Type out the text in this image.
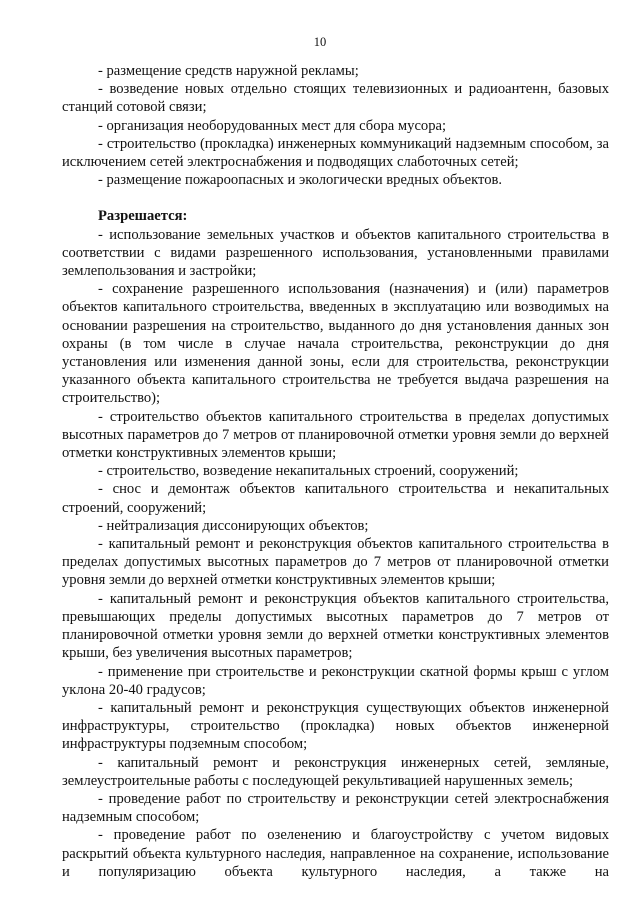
10

- размещение средств наружной рекламы;

- возведение новых отдельно стоящих телевизионных и радиоантенн, базовых станций сотовой связи;

- организация необорудованных мест для сбора мусора;

- строительство (прокладка) инженерных коммуникаций надземным способом, за исключением сетей электроснабжения и подводящих слаботочных сетей;

- размещение пожароопасных и экологически вредных объектов.

Разрешается:

- использование земельных участков и объектов капитального строительства в соответствии с видами разрешенного использования, установленными правилами землепользования и застройки;

- сохранение разрешенного использования (назначения) и (или) параметров объектов капитального строительства, введенных в эксплуатацию или возводимых на основании разрешения на строительство, выданного до дня установления данных зон охраны (в том числе в случае начала строительства, реконструкции до дня установления или изменения данной зоны, если для строительства, реконструкции указанного объекта капитального строительства не требуется выдача разрешения на строительство);

- строительство объектов капитального строительства в пределах допустимых высотных параметров до 7 метров от планировочной отметки уровня земли до верхней отметки конструктивных элементов крыши;

- строительство, возведение некапитальных строений, сооружений;

- снос и демонтаж объектов капитального строительства и некапитальных строений, сооружений;

- нейтрализация диссонирующих объектов;

- капитальный ремонт и реконструкция объектов капитального строительства в пределах допустимых высотных параметров до 7 метров от планировочной отметки уровня земли до верхней отметки конструктивных элементов крыши;

- капитальный ремонт и реконструкция объектов капитального строительства, превышающих пределы допустимых высотных параметров до 7 метров от планировочной отметки уровня земли до верхней отметки конструктивных элементов крыши, без увеличения высотных параметров;

- применение при строительстве и реконструкции скатной формы крыш с углом уклона 20-40 градусов;

- капитальный ремонт и реконструкция существующих объектов инженерной инфраструктуры, строительство (прокладка) новых объектов инженерной инфраструктуры подземным способом;

- капитальный ремонт и реконструкция инженерных сетей, земляные, землеустроительные работы с последующей рекультивацией нарушенных земель;

- проведение работ по строительству и реконструкции сетей электроснабжения надземным способом;

- проведение работ по озеленению и благоустройству с учетом видовых раскрытий объекта культурного наследия, направленное на сохранение, использование и популяризацию объекта культурного наследия, а также на
